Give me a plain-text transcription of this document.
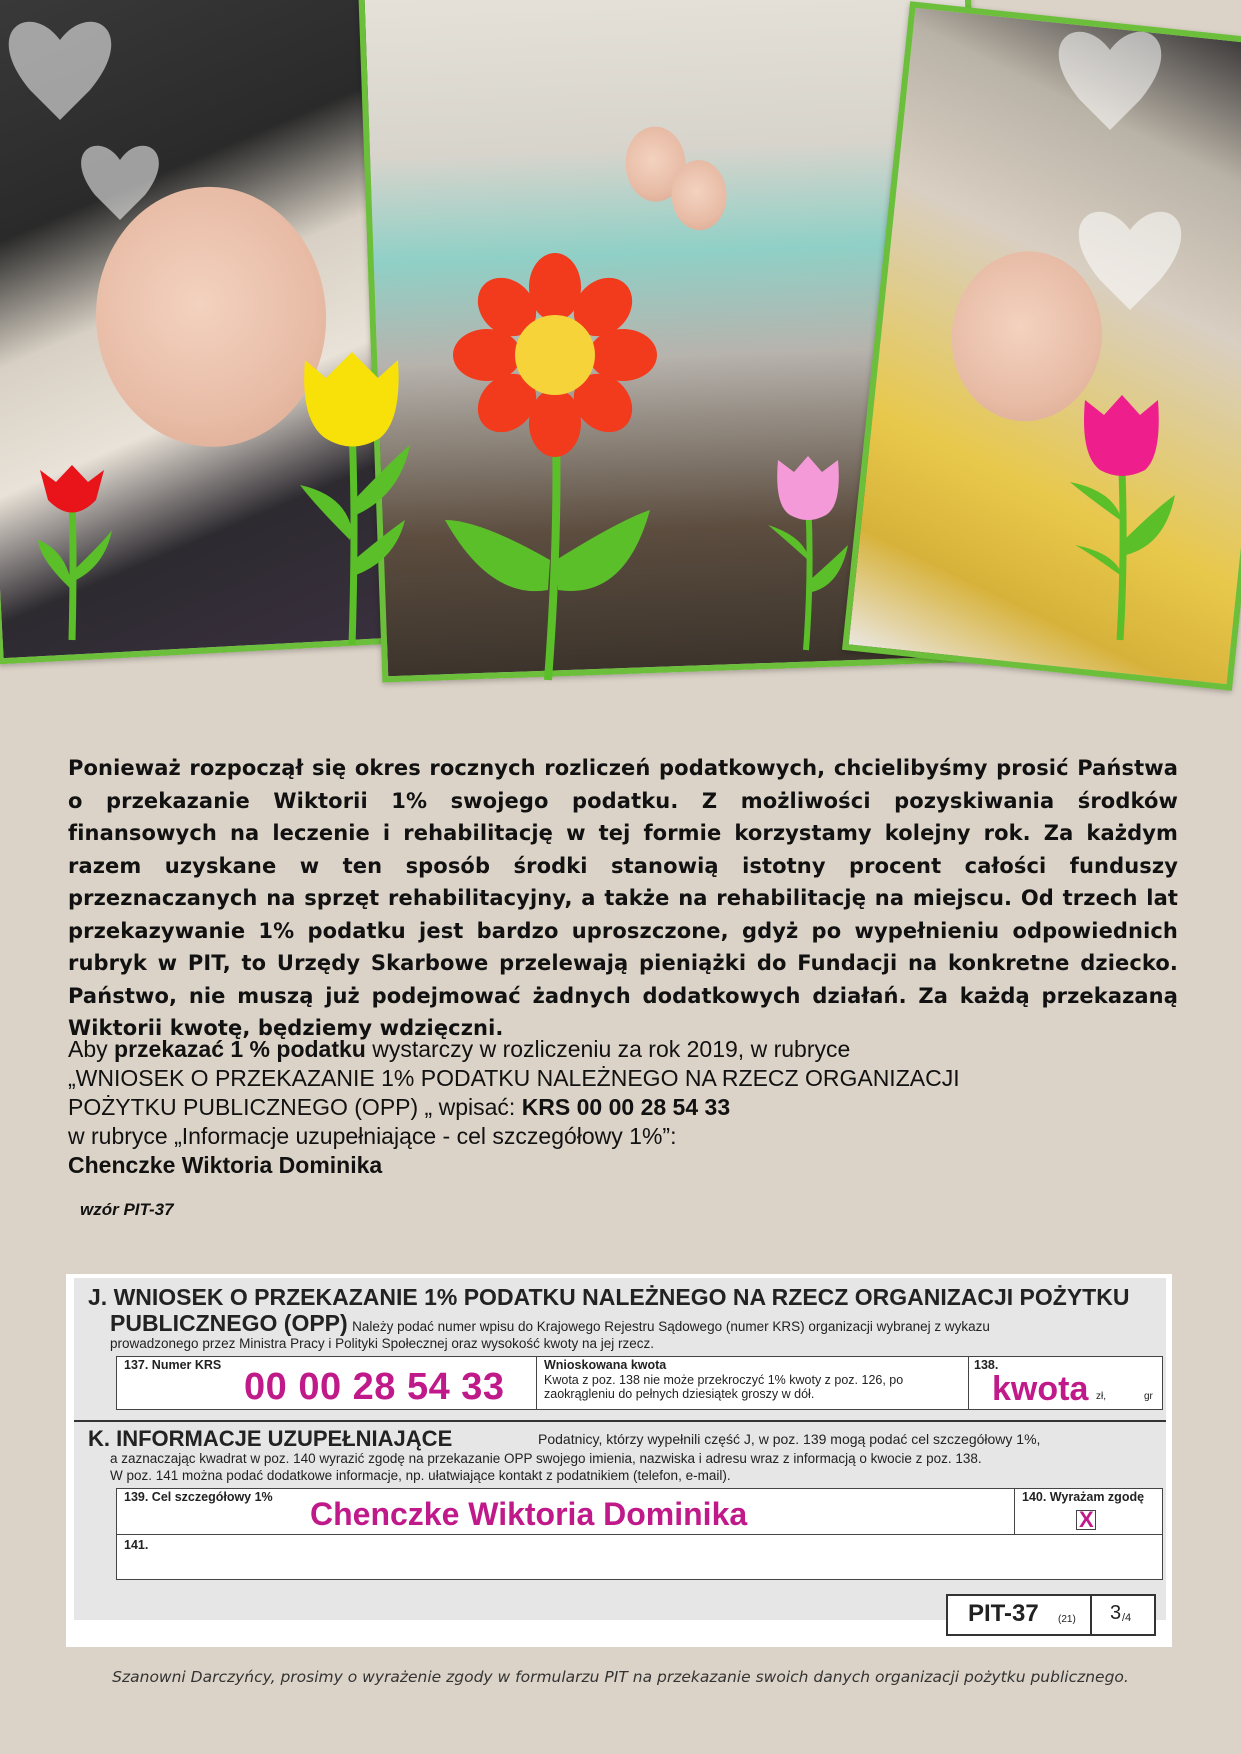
Ponieważ rozpoczął się okres rocznych rozliczeń podatkowych, chcielibyśmy prosić Państwa o przekazanie Wiktorii 1% swojego podatku. Z możliwości pozyskiwania środków finansowych na leczenie i rehabilitację w tej formie korzystamy kolejny rok. Za każdym razem uzyskane w ten sposób środki stanowią istotny procent całości funduszy przeznaczanych na sprzęt rehabilitacyjny, a także na rehabilitację na miejscu. Od trzech lat przekazywanie 1% podatku jest bardzo uproszczone, gdyż po wypełnieniu odpowiednich rubryk w PIT, to Urzędy Skarbowe przelewają pieniążki do Fundacji na konkretne dziecko. Państwo, nie muszą już podejmować żadnych dodatkowych działań. Za każdą przekazaną Wiktorii kwotę, będziemy wdzięczni.
Aby przekazać 1 % podatku wystarczy w rozliczeniu za rok 2019, w rubryce
„WNIOSEK O PRZEKAZANIE 1% PODATKU NALEŻNEGO NA RZECZ ORGANIZACJI
POŻYTKU PUBLICZNEGO (OPP) „ wpisać: KRS 00 00 28 54 33
w rubryce „Informacje uzupełniające - cel szczegółowy 1%”:
Chenczke Wiktoria Dominika
wzór PIT-37
J. WNIOSEK O PRZEKAZANIE 1% PODATKU NALEŻNEGO NA RZECZ ORGANIZACJI POŻYTKU
PUBLICZNEGO (OPP) Należy podać numer wpisu do Krajowego Rejestru Sądowego (numer KRS) organizacji wybranej z wykazu
prowadzonego przez Ministra Pracy i Polityki Społecznej oraz wysokość kwoty na jej rzecz.
137. Numer KRS
00 00 28 54 33
Wnioskowana kwota
Kwota z poz. 138 nie może przekroczyć 1% kwoty z poz. 126, po
zaokrągleniu do pełnych dziesiątek groszy w dół.
138.
kwota zł,	gr
K. INFORMACJE UZUPEŁNIAJĄCE	Podatnicy, którzy wypełnili część J, w poz. 139 mogą podać cel szczegółowy 1%,
a zaznaczając kwadrat w poz. 140 wyrazić zgodę na przekazanie OPP swojego imienia, nazwiska i adresu wraz z informacją o kwocie z poz. 138.
W poz. 141 można podać dodatkowe informacje, np. ułatwiające kontakt z podatnikiem (telefon, e-mail).
139. Cel szczegółowy 1% Chenczke Wiktoria Dominika	140. Wyrażam zgodę
X
141.
PIT-37 (21) 3 /4
Szanowni Darczyńcy, prosimy o wyrażenie zgody w formularzu PIT na przekazanie swoich danych organizacji pożytku publicznego.
